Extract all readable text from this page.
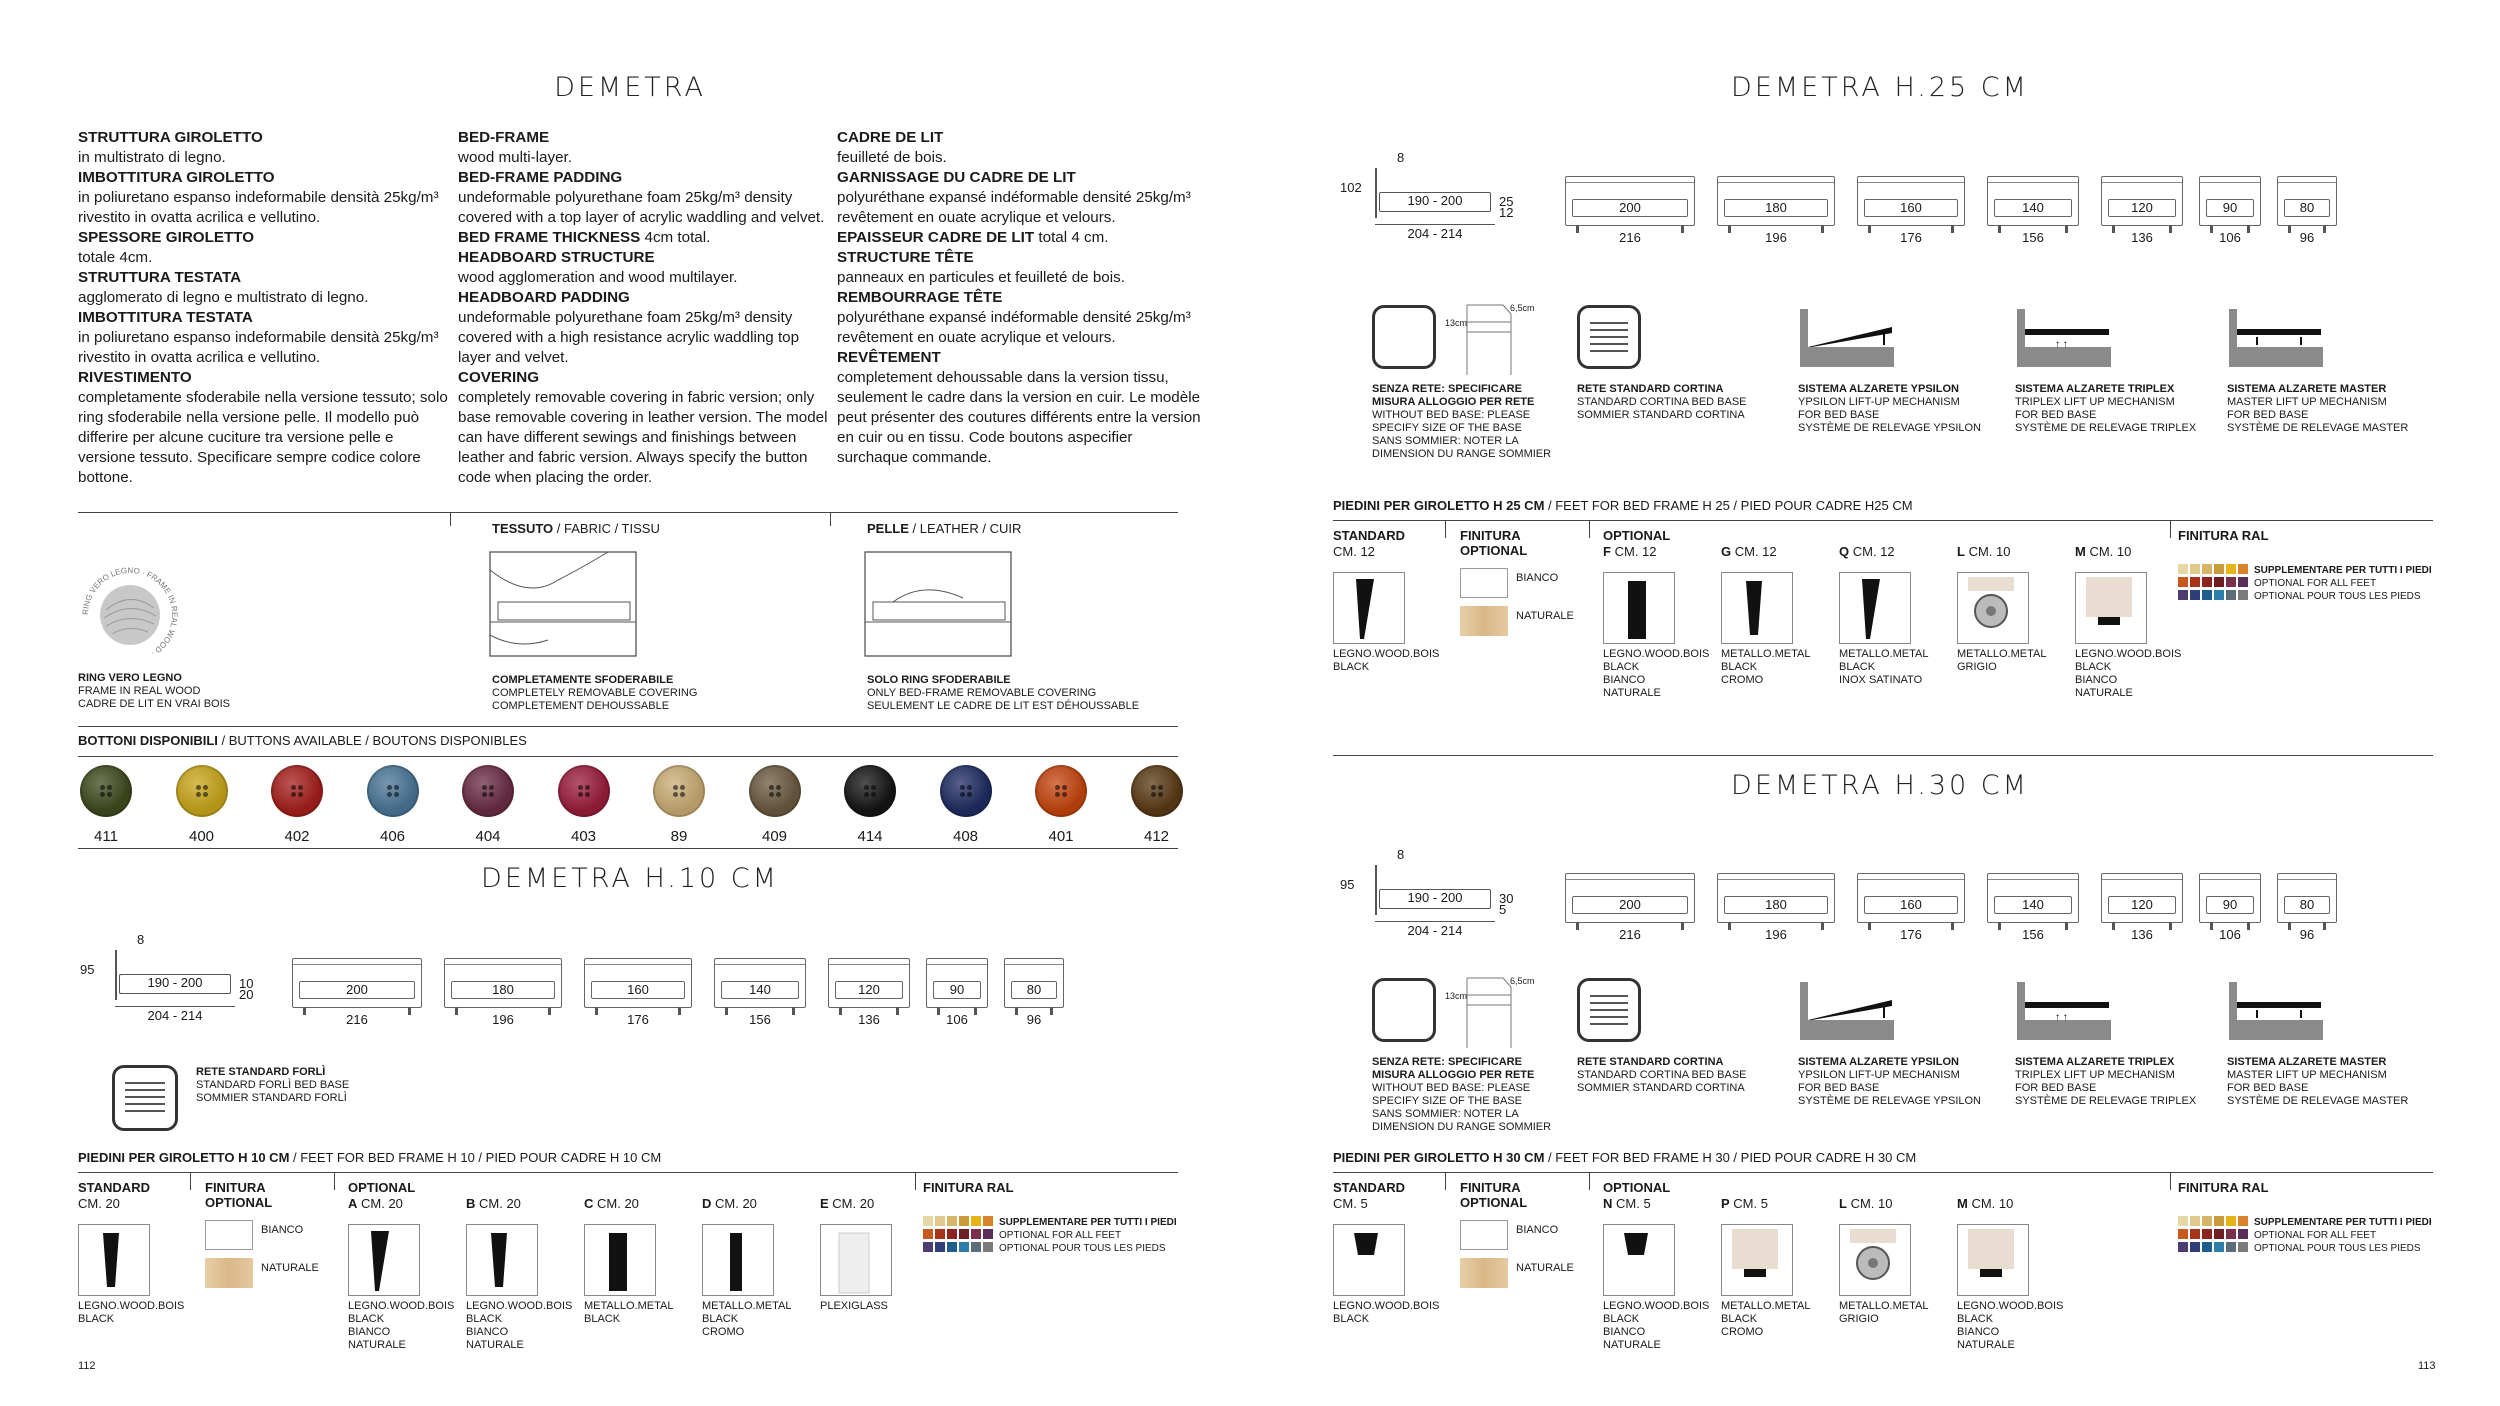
DEMETRA

STRUTTURA GIROLETTO
in multistrato di legno.

IMBOTTITURA GIROLETTO
in poliuretano espanso indeformabile densità 25kg/m³ rivestito in ovatta acrilica e vellutino.

SPESSORE GIROLETTO
totale 4cm.

STRUTTURA TESTATA
agglomerato di legno e multistrato di legno.

IMBOTTITURA TESTATA
in poliuretano espanso indeformabile densità 25kg/m³ rivestito in ovatta acrilica e vellutino.

RIVESTIMENTO
completamente sfoderabile nella versione tessuto; solo ring sfoderabile nella versione pelle. Il modello può differire per alcune cuciture tra versione pelle e versione tessuto. Specificare sempre codice colore bottone.

BED-FRAME
wood multi-layer.

BED-FRAME PADDING
undeformable polyurethane foam 25kg/m³ density covered with a top layer of acrylic waddling and velvet.

BED FRAME THICKNESS 4cm total.

HEADBOARD STRUCTURE
wood agglomeration and wood multilayer.

HEADBOARD PADDING
undeformable polyurethane foam 25kg/m³ density covered with a high resistance acrylic waddling top layer and velvet.

COVERING
completely removable covering in fabric version; only base removable covering in leather version. The model can have different sewings and finishings between leather and fabric version. Always specify the button code when placing the order.

CADRE DE LIT
feuilleté de bois.

GARNISSAGE DU CADRE DE LIT
polyuréthane expansé indéformable densité 25kg/m³ revêtement en ouate acrylique et velours.

EPAISSEUR CADRE DE LIT total 4 cm.

STRUCTURE TÊTE
panneaux en particules et feuilleté de bois.

REMBOURRAGE TÊTE
polyuréthane expansé indéformable densité 25kg/m³ revêtement en ouate acrylique et velours.

REVÊTEMENT
completement dehoussable dans la version tissu, seulement le cadre dans la version en cuir. Le modèle peut présenter des coutures différents entre la version en cuir ou en tissu. Code boutons aspecifier surchaque commande.

TESSUTO / FABRIC / TISSU	PELLE / LEATHER / CUIR
RING VERO LEGNO · FRAME IN REAL WOOD ·
RING VERO LEGNO
FRAME IN REAL WOOD
CADRE DE LIT EN VRAI BOIS
COMPLETAMENTE SFODERABILE
COMPLETELY REMOVABLE COVERING
COMPLETEMENT DEHOUSSABLE
SOLO RING SFODERABILE
ONLY BED-FRAME REMOVABLE COVERING
SEULEMENT LE CADRE DE LIT EST DÉHOUSSABLE
BOTTONI DISPONIBILI / BUTTONS AVAILABLE / BOUTONS DISPONIBLES
411	400	402	406	404	403	89	409	414	408	401	412
DEMETRA H.10 CM
95
8
190 - 200
204 - 214
10
20	200
216
180
196
160
176
140
156
120
136
90
106
80
96
RETE STANDARD FORLÌ
STANDARD FORLÌ BED BASE
SOMMIER STANDARD FORLÌ
PIEDINI PER GIROLETTO H 10 CM / FEET FOR BED FRAME H 10 / PIED POUR CADRE H 10 CM
STANDARD
CM. 20
LEGNO.WOOD.BOIS
BLACK
FINITURA
OPTIONAL
BIANCO
NATURALE
OPTIONAL
A CM. 20
LEGNO.WOOD.BOIS
BLACK
BIANCO
NATURALE
B CM. 20
LEGNO.WOOD.BOIS
BLACK
BIANCO
NATURALE
C CM. 20
METALLO.METAL
BLACK
D CM. 20
METALLO.METAL
BLACK
CROMO
E CM. 20
PLEXIGLASS
FINITURA RAL
SUPPLEMENTARE PER TUTTI I PIEDI
OPTIONAL FOR ALL FEET
OPTIONAL POUR TOUS LES PIEDS
112
DEMETRA H.25 CM
102
8
190 - 200
204 - 214
25
12	200
216
180
196
160
176
140
156
120
136
90
106
80
96
13cm
6,5cm
↑ ↑
SENZA RETE: SPECIFICARE
MISURA ALLOGGIO PER RETE
WITHOUT BED BASE: PLEASE
SPECIFY SIZE OF THE BASE
SANS SOMMIER: NOTER LA
DIMENSION DU RANGE SOMMIER
RETE STANDARD CORTINA
STANDARD CORTINA BED BASE
SOMMIER STANDARD CORTINA
SISTEMA ALZARETE YPSILON
YPSILON LIFT-UP MECHANISM
FOR BED BASE
SYSTÈME DE RELEVAGE YPSILON
SISTEMA ALZARETE TRIPLEX
TRIPLEX LIFT UP MECHANISM
FOR BED BASE
SYSTÈME DE RELEVAGE TRIPLEX
SISTEMA ALZARETE MASTER
MASTER LIFT UP MECHANISM
FOR BED BASE
SYSTÈME DE RELEVAGE MASTER
PIEDINI PER GIROLETTO H 25 CM / FEET FOR BED FRAME H 25 / PIED POUR CADRE H25 CM
STANDARD
CM. 12
LEGNO.WOOD.BOIS
BLACK
FINITURA
OPTIONAL
BIANCO
NATURALE
OPTIONAL
F CM. 12
LEGNO.WOOD.BOIS
BLACK
BIANCO
NATURALE
G CM. 12
METALLO.METAL
BLACK
CROMO
Q CM. 12
METALLO.METAL
BLACK
INOX SATINATO
L CM. 10
METALLO.METAL
GRIGIO
M CM. 10
LEGNO.WOOD.BOIS
BLACK
BIANCO
NATURALE
FINITURA RAL
SUPPLEMENTARE PER TUTTI I PIEDI
OPTIONAL FOR ALL FEET
OPTIONAL POUR TOUS LES PIEDS
DEMETRA H.30 CM
95
8
190 - 200
204 - 214
30
5	200
216
180
196
160
176
140
156
120
136
90
106
80
96
13cm
6,5cm
↑ ↑
SENZA RETE: SPECIFICARE
MISURA ALLOGGIO PER RETE
WITHOUT BED BASE: PLEASE
SPECIFY SIZE OF THE BASE
SANS SOMMIER: NOTER LA
DIMENSION DU RANGE SOMMIER
RETE STANDARD CORTINA
STANDARD CORTINA BED BASE
SOMMIER STANDARD CORTINA
SISTEMA ALZARETE YPSILON
YPSILON LIFT-UP MECHANISM
FOR BED BASE
SYSTÈME DE RELEVAGE YPSILON
SISTEMA ALZARETE TRIPLEX
TRIPLEX LIFT UP MECHANISM
FOR BED BASE
SYSTÈME DE RELEVAGE TRIPLEX
SISTEMA ALZARETE MASTER
MASTER LIFT UP MECHANISM
FOR BED BASE
SYSTÈME DE RELEVAGE MASTER
PIEDINI PER GIROLETTO H 30 CM / FEET FOR BED FRAME H 30 / PIED POUR CADRE H 30 CM
STANDARD
CM. 5
LEGNO.WOOD.BOIS
BLACK
FINITURA
OPTIONAL
BIANCO
NATURALE
OPTIONAL
N CM. 5
LEGNO.WOOD.BOIS
BLACK
BIANCO
NATURALE
P CM. 5
METALLO.METAL
BLACK
CROMO
L CM. 10
METALLO.METAL
GRIGIO
M CM. 10
LEGNO.WOOD.BOIS
BLACK
BIANCO
NATURALE
FINITURA RAL
SUPPLEMENTARE PER TUTTI I PIEDI
OPTIONAL FOR ALL FEET
OPTIONAL POUR TOUS LES PIEDS
113
